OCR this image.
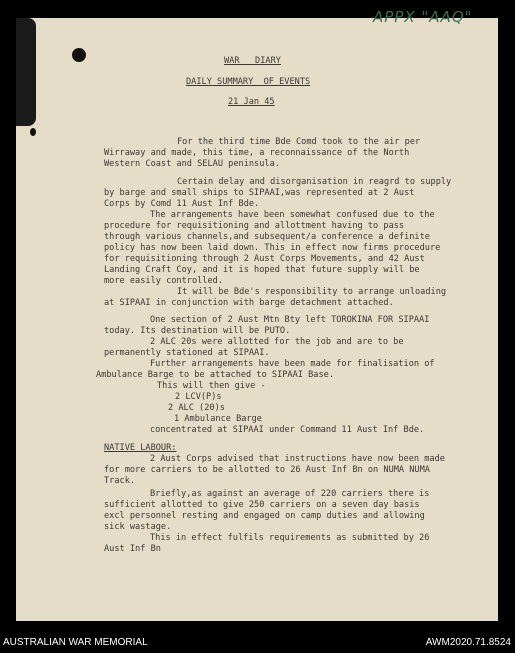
APPX "AAQ"
WAR   DIARY
DAILY SUMMARY  OF EVENTS
21 Jan 45
For the third time Bde Comd took to the air per
Wirraway and made, this time, a reconnaissance of the North
Western Coast and SELAU peninsula.
Certain delay and disorganisation in reagrd to supply
by barge and small ships to SIPAAI,was represented at 2 Aust
Corps by Comd 11 Aust Inf Bde.
The arrangements have been somewhat confused due to the
procedure for requisitioning and allottment having to pass
through various channels,and subsequent/a conference a definite
policy has now been laid down. This in effect now firms procedure
for requisitioning through 2 Aust Corps Movements, and 42 Aust
Landing Craft Coy, and it is hoped that future supply will be
more easily controlled.
It will be Bde's responsibility to arrange unloading
at SIPAAI in conjunction with barge detachment attached.
One section of 2 Aust Mtn Bty left TOROKINA FOR SIPAAI
today. Its destination will be PUTO.
2 ALC 20s were allotted for the job and are to be
permanently stationed at SIPAAI.
Further arrangements have been made for finalisation of
Ambulance Barge to be attached to SIPAAI Base.
This will then give -
2 LCV(P)s
2 ALC (20)s
1 Ambulance Barge
concentrated at SIPAAI under Command 11 Aust Inf Bde.
NATIVE LABOUR:
2 Aust Corps advised that instructions have now been made
for more carriers to be allotted to 26 Aust Inf Bn on NUMA NUMA
Track.
Briefly,as against an average of 220 carriers there is
sufficient allotted to give 250 carriers on a seven day basis
excl personnel resting and engaged on camp duties and allowing
sick wastage.
This in effect fulfils requirements as submitted by 26
Aust Inf Bn
AUSTRALIAN WAR MEMORIAL	AWM2020.71.8524
